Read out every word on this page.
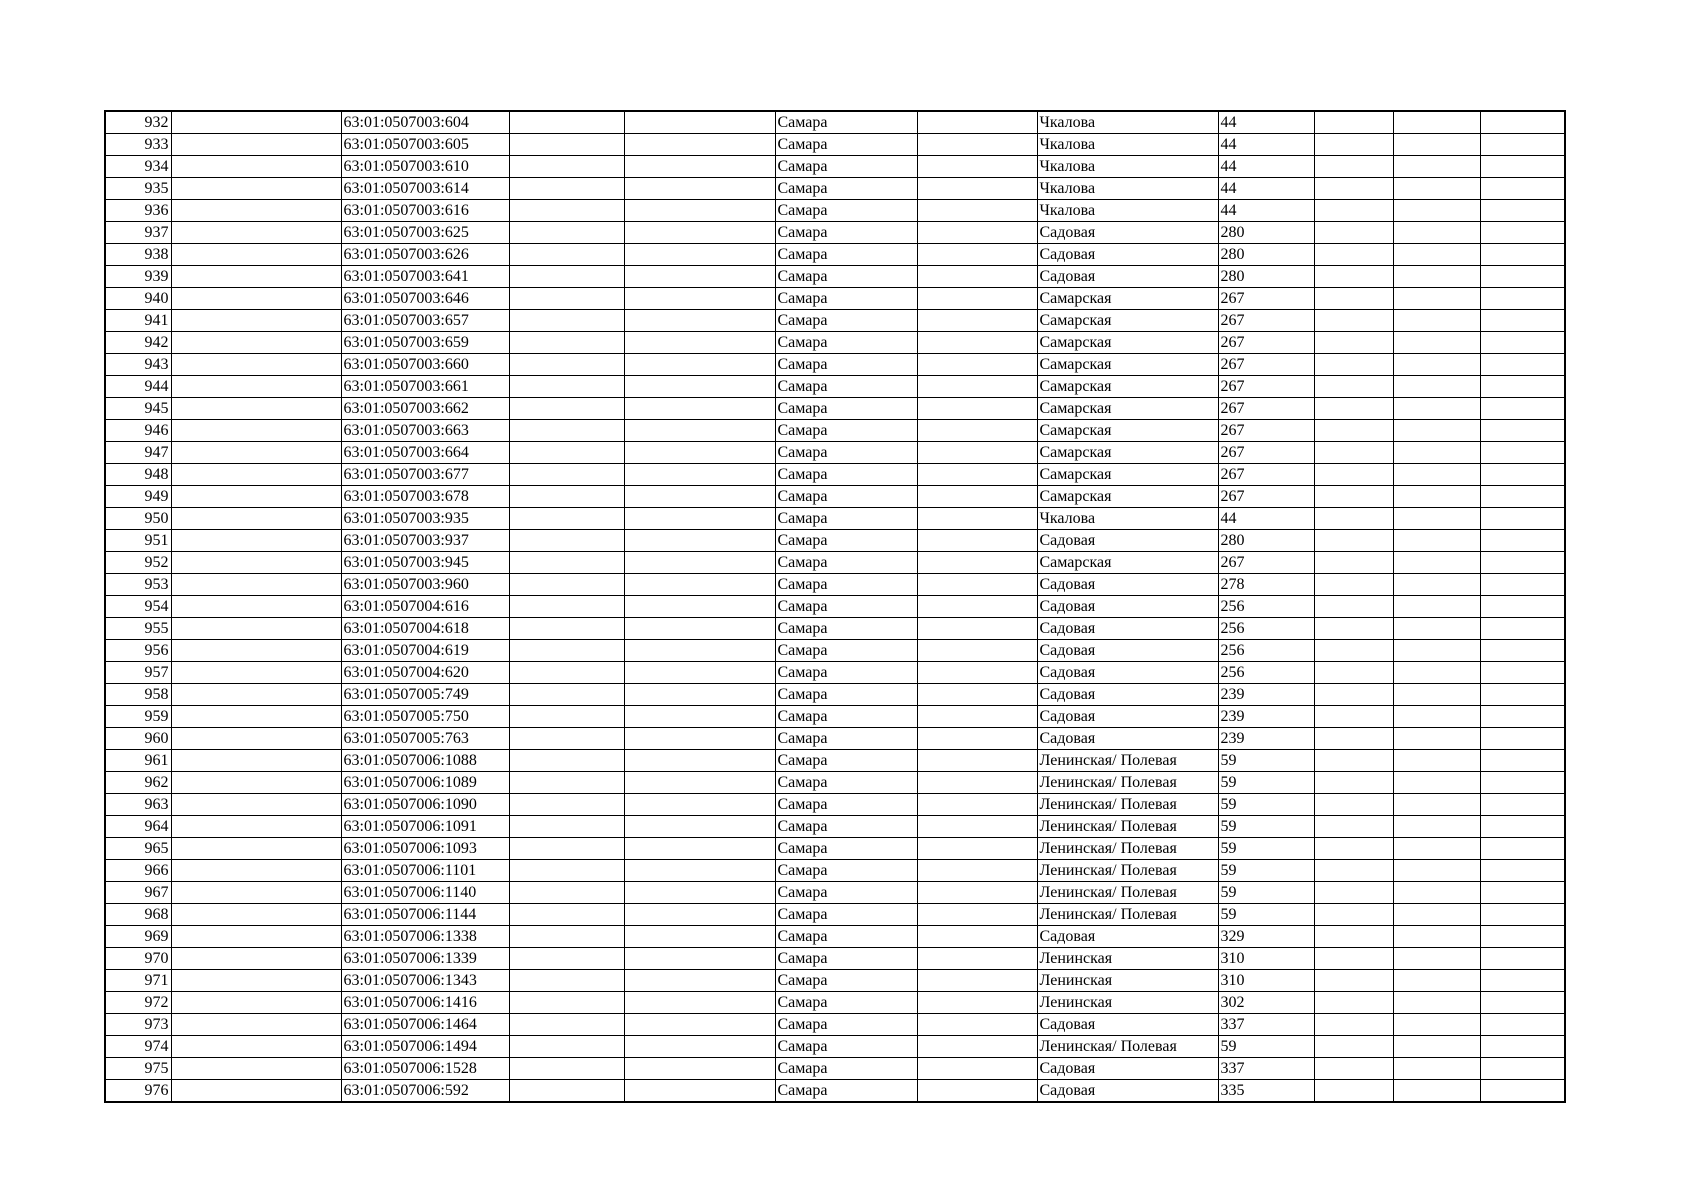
932		63:01:0507003:604			Самара		Чкалова	44			
933		63:01:0507003:605			Самара		Чкалова	44			
934		63:01:0507003:610			Самара		Чкалова	44			
935		63:01:0507003:614			Самара		Чкалова	44			
936		63:01:0507003:616			Самара		Чкалова	44			
937		63:01:0507003:625			Самара		Садовая	280			
938		63:01:0507003:626			Самара		Садовая	280			
939		63:01:0507003:641			Самара		Садовая	280			
940		63:01:0507003:646			Самара		Самарская	267			
941		63:01:0507003:657			Самара		Самарская	267			
942		63:01:0507003:659			Самара		Самарская	267			
943		63:01:0507003:660			Самара		Самарская	267			
944		63:01:0507003:661			Самара		Самарская	267			
945		63:01:0507003:662			Самара		Самарская	267			
946		63:01:0507003:663			Самара		Самарская	267			
947		63:01:0507003:664			Самара		Самарская	267			
948		63:01:0507003:677			Самара		Самарская	267			
949		63:01:0507003:678			Самара		Самарская	267			
950		63:01:0507003:935			Самара		Чкалова	44			
951		63:01:0507003:937			Самара		Садовая	280			
952		63:01:0507003:945			Самара		Самарская	267			
953		63:01:0507003:960			Самара		Садовая	278			
954		63:01:0507004:616			Самара		Садовая	256			
955		63:01:0507004:618			Самара		Садовая	256			
956		63:01:0507004:619			Самара		Садовая	256			
957		63:01:0507004:620			Самара		Садовая	256			
958		63:01:0507005:749			Самара		Садовая	239			
959		63:01:0507005:750			Самара		Садовая	239			
960		63:01:0507005:763			Самара		Садовая	239			
961		63:01:0507006:1088			Самара		Ленинская/ Полевая	59			
962		63:01:0507006:1089			Самара		Ленинская/ Полевая	59			
963		63:01:0507006:1090			Самара		Ленинская/ Полевая	59			
964		63:01:0507006:1091			Самара		Ленинская/ Полевая	59			
965		63:01:0507006:1093			Самара		Ленинская/ Полевая	59			
966		63:01:0507006:1101			Самара		Ленинская/ Полевая	59			
967		63:01:0507006:1140			Самара		Ленинская/ Полевая	59			
968		63:01:0507006:1144			Самара		Ленинская/ Полевая	59			
969		63:01:0507006:1338			Самара		Садовая	329			
970		63:01:0507006:1339			Самара		Ленинская	310			
971		63:01:0507006:1343			Самара		Ленинская	310			
972		63:01:0507006:1416			Самара		Ленинская	302			
973		63:01:0507006:1464			Самара		Садовая	337			
974		63:01:0507006:1494			Самара		Ленинская/ Полевая	59			
975		63:01:0507006:1528			Самара		Садовая	337			
976		63:01:0507006:592			Самара		Садовая	335			
